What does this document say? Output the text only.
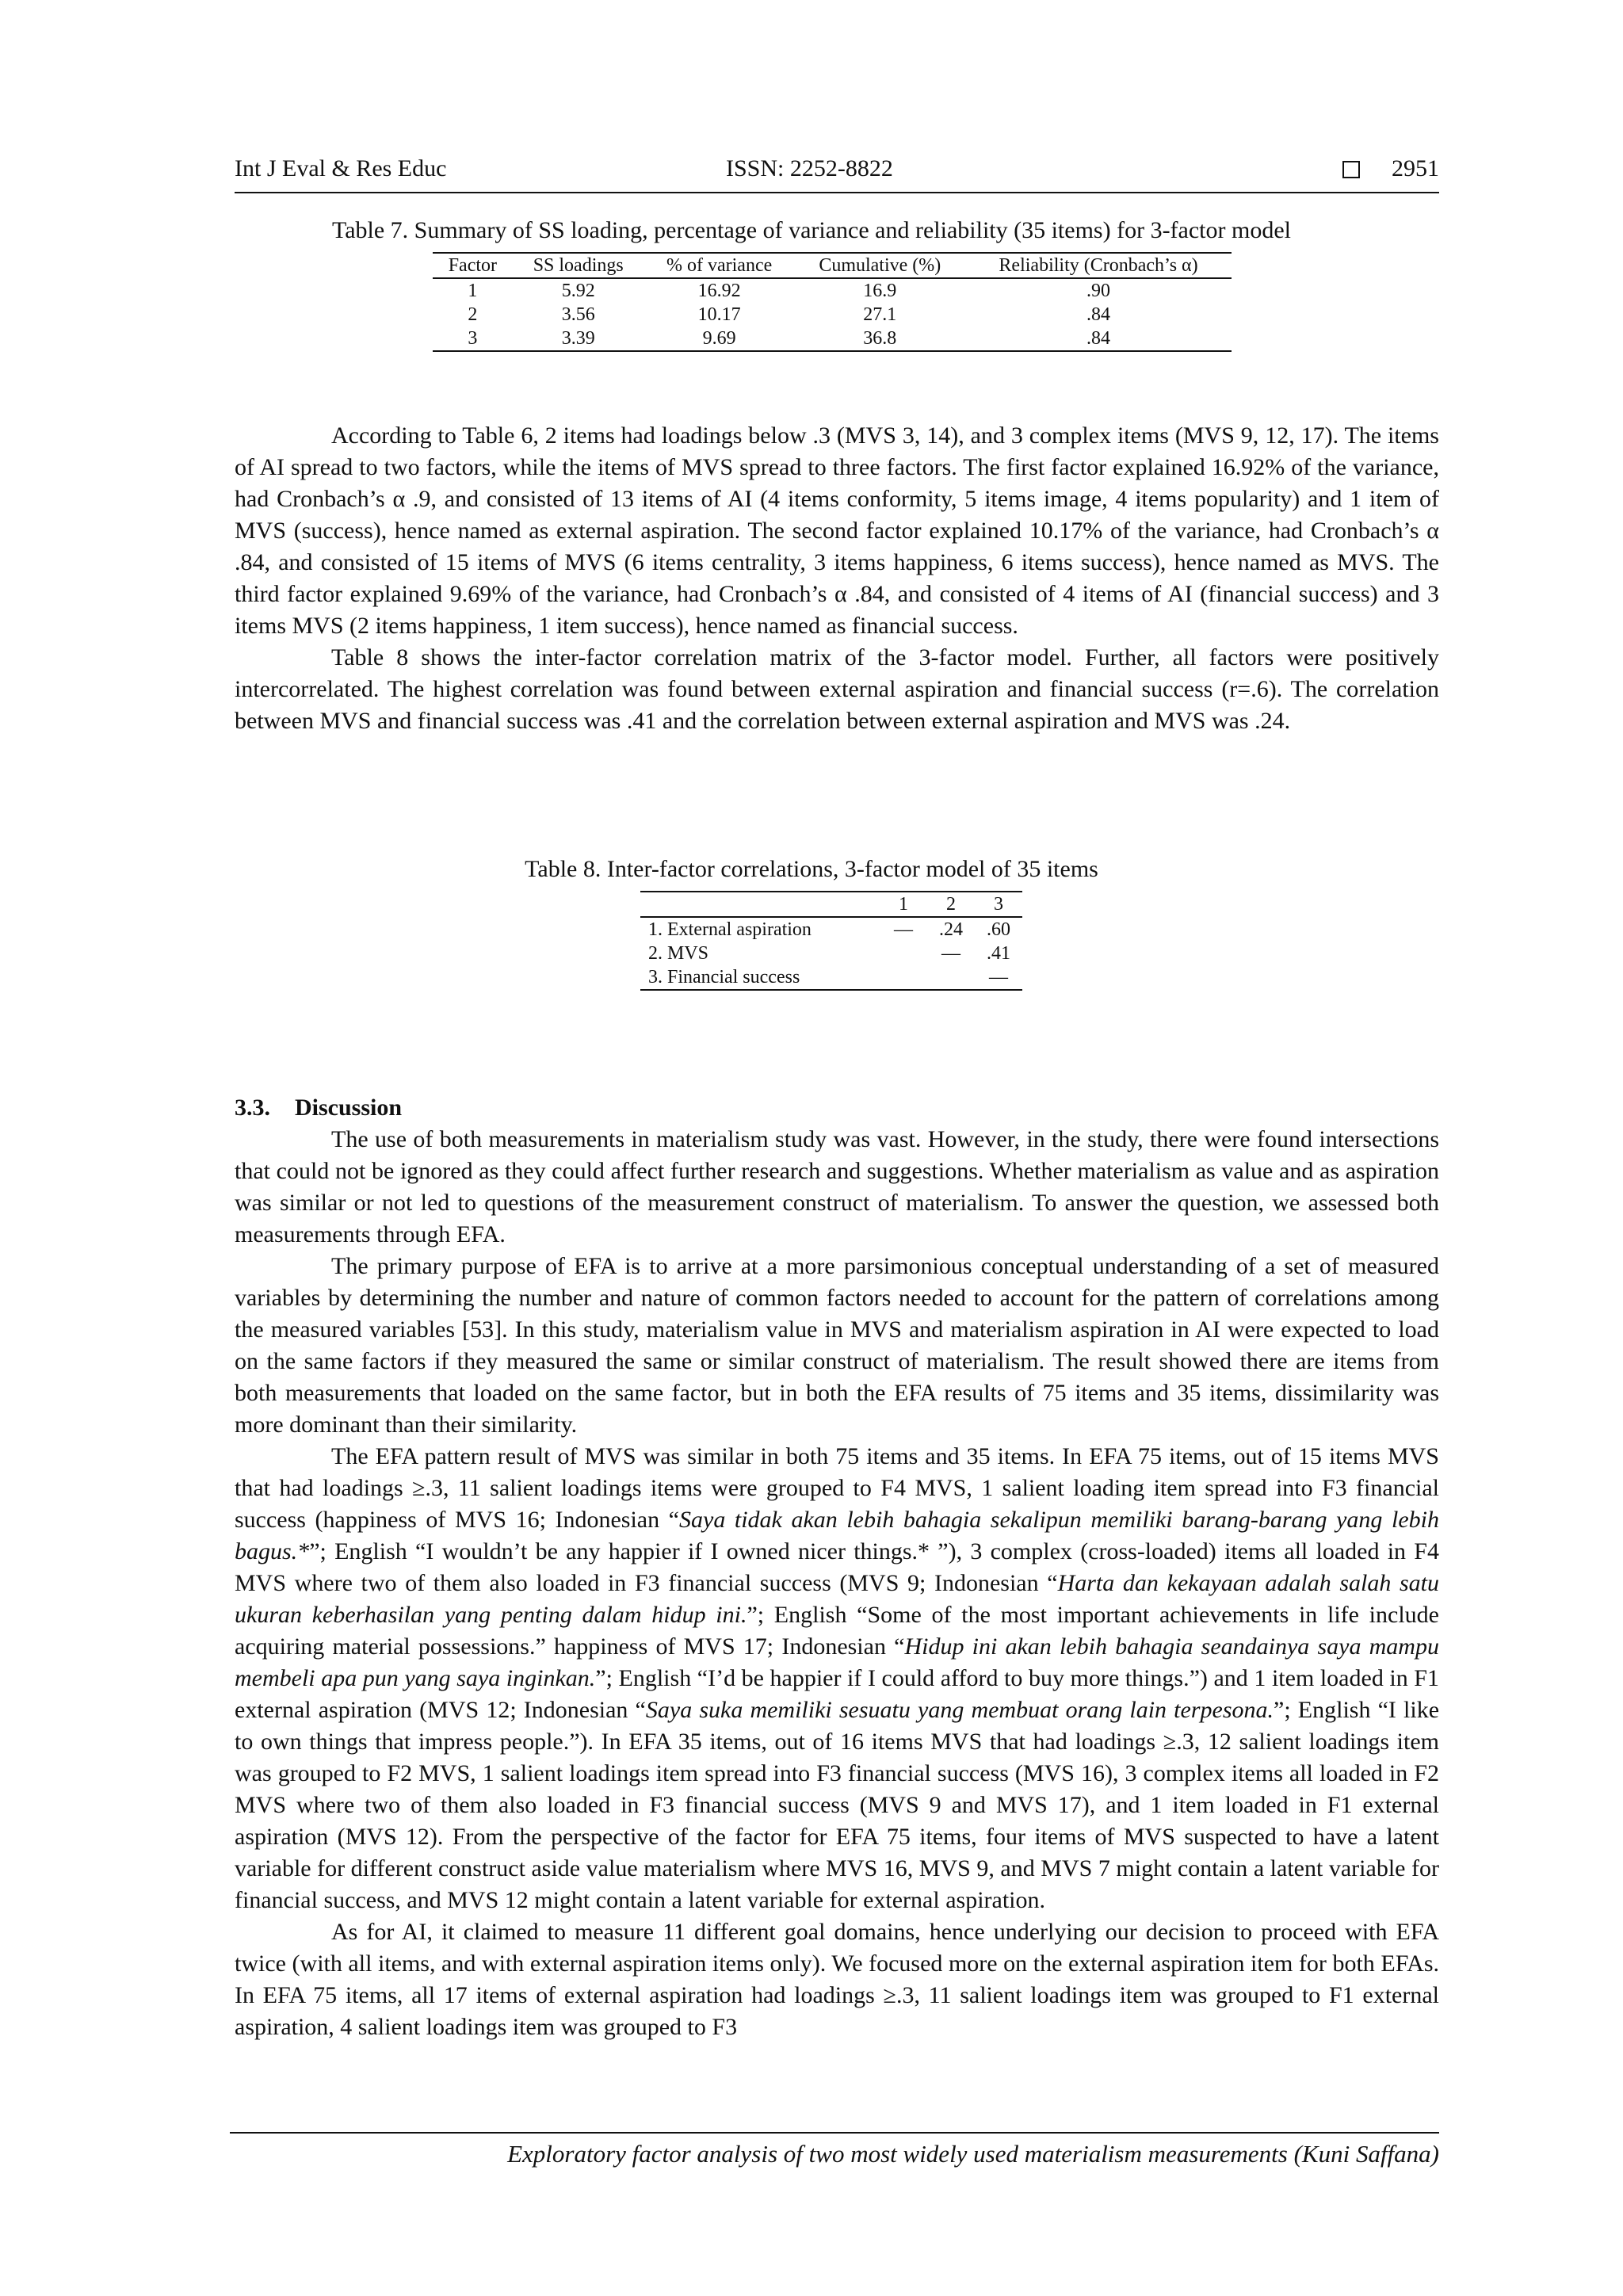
Int J Eval & Res Educ	ISSN: 2252-8822	2951
Table 7. Summary of SS loading, percentage of variance and reliability (35 items) for 3-factor model
Factor	SS loadings	% of variance	Cumulative (%)	Reliability (Cronbach’s α)
1	5.92	16.92	16.9	.90
2	3.56	10.17	27.1	.84
3	3.39	9.69	36.8	.84

According to Table 6, 2 items had loadings below .3 (MVS 3, 14), and 3 complex items (MVS 9, 12, 17). The items of AI spread to two factors, while the items of MVS spread to three factors. The first factor explained 16.92% of the variance, had Cronbach’s α .9, and consisted of 13 items of AI (4 items conformity, 5 items image, 4 items popularity) and 1 item of MVS (success), hence named as external aspiration. The second factor explained 10.17% of the variance, had Cronbach’s α .84, and consisted of 15 items of MVS (6 items centrality, 3 items happiness, 6 items success), hence named as MVS. The third factor explained 9.69% of the variance, had Cronbach’s α .84, and consisted of 4 items of AI (financial success) and 3 items MVS (2 items happiness, 1 item success), hence named as financial success.

Table 8 shows the inter-factor correlation matrix of the 3-factor model. Further, all factors were positively intercorrelated. The highest correlation was found between external aspiration and financial success (r=.6). The correlation between MVS and financial success was .41 and the correlation between external aspiration and MVS was .24.

Table 8. Inter-factor correlations, 3-factor model of 35 items
	1	2	3
1. External aspiration	—	.24	.60
2. MVS		—	.41
3. Financial success			—

3.3. Discussion

The use of both measurements in materialism study was vast. However, in the study, there were found intersections that could not be ignored as they could affect further research and suggestions. Whether materialism as value and as aspiration was similar or not led to questions of the measurement construct of materialism. To answer the question, we assessed both measurements through EFA.

The primary purpose of EFA is to arrive at a more parsimonious conceptual understanding of a set of measured variables by determining the number and nature of common factors needed to account for the pattern of correlations among the measured variables [53]. In this study, materialism value in MVS and materialism aspiration in AI were expected to load on the same factors if they measured the same or similar construct of materialism. The result showed there are items from both measurements that loaded on the same factor, but in both the EFA results of 75 items and 35 items, dissimilarity was more dominant than their similarity.

The EFA pattern result of MVS was similar in both 75 items and 35 items. In EFA 75 items, out of 15 items MVS that had loadings ≥.3, 11 salient loadings items were grouped to F4 MVS, 1 salient loading item spread into F3 financial success (happiness of MVS 16; Indonesian “Saya tidak akan lebih bahagia sekalipun memiliki barang-barang yang lebih bagus.*”; English “I wouldn’t be any happier if I owned nicer things.* ”), 3 complex (cross-loaded) items all loaded in F4 MVS where two of them also loaded in F3 financial success (MVS 9; Indonesian “Harta dan kekayaan adalah salah satu ukuran keberhasilan yang penting dalam hidup ini.”; English “Some of the most important achievements in life include acquiring material possessions.” happiness of MVS 17; Indonesian “Hidup ini akan lebih bahagia seandainya saya mampu membeli apa pun yang saya inginkan.”; English “I’d be happier if I could afford to buy more things.”) and 1 item loaded in F1 external aspiration (MVS 12; Indonesian “Saya suka memiliki sesuatu yang membuat orang lain terpesona.”; English “I like to own things that impress people.”). In EFA 35 items, out of 16 items MVS that had loadings ≥.3, 12 salient loadings item was grouped to F2 MVS, 1 salient loadings item spread into F3 financial success (MVS 16), 3 complex items all loaded in F2 MVS where two of them also loaded in F3 financial success (MVS 9 and MVS 17), and 1 item loaded in F1 external aspiration (MVS 12). From the perspective of the factor for EFA 75 items, four items of MVS suspected to have a latent variable for different construct aside value materialism where MVS 16, MVS 9, and MVS 7 might contain a latent variable for financial success, and MVS 12 might contain a latent variable for external aspiration.

As for AI, it claimed to measure 11 different goal domains, hence underlying our decision to proceed with EFA twice (with all items, and with external aspiration items only). We focused more on the external aspiration item for both EFAs. In EFA 75 items, all 17 items of external aspiration had loadings ≥.3, 11 salient loadings item was grouped to F1 external aspiration, 4 salient loadings item was grouped to F3

Exploratory factor analysis of two most widely used materialism measurements (Kuni Saffana)
